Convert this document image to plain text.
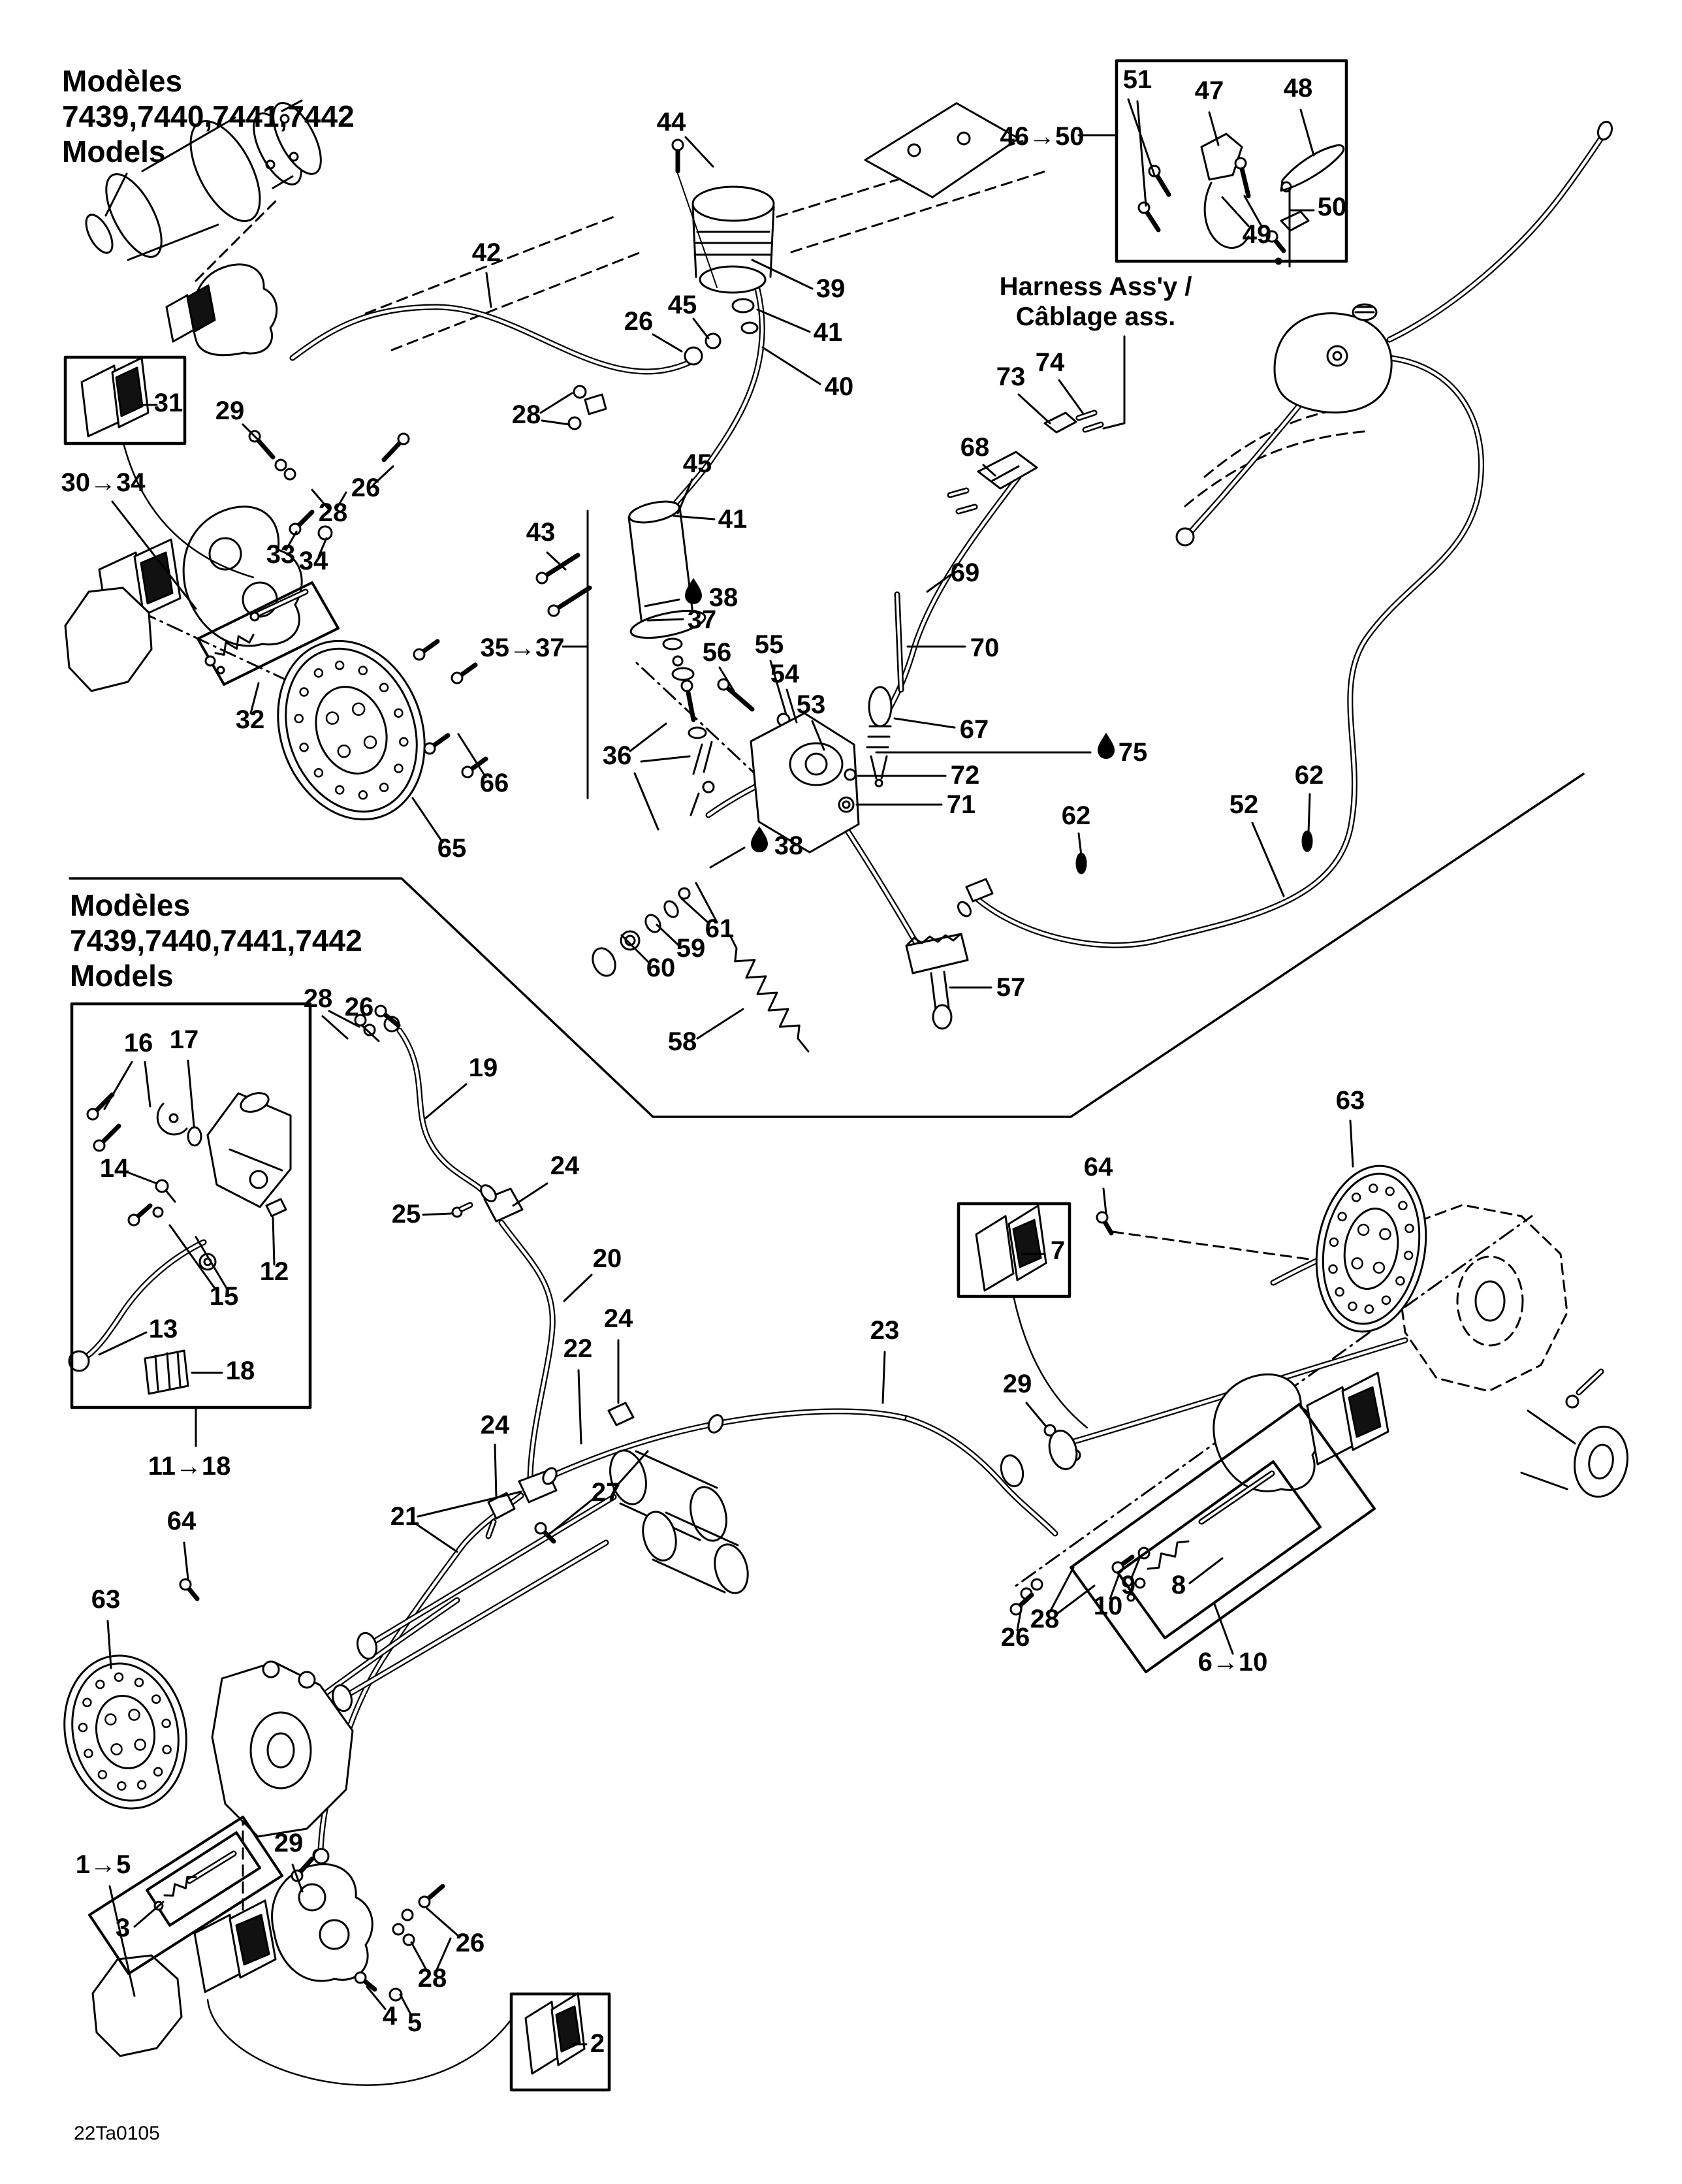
44
51 47 48
46→50
49
50
42
26
45
39
41
40
28
45
41
43
38
37
35→37
36
56 55
54
53
38
61
59
60
58
57
65
66
32
31
30→34
29
26
28
33 34
67
70
75
72
71	62
62
52
73 74
68
69
28 26
16 17
19
14
12
15
13
18
11→18
25
24
20
24
22
23
24
21
27
64
7
63
29
26
28 10
9 8
6→10
64
63
1→5
3
29
26
28
4 5
2
Modèles
7439,7440,7441,7442
Models
Modèles
7439,7440,7441,7442
Models
Harness Ass'y /
Câblage ass.
22Ta0105
